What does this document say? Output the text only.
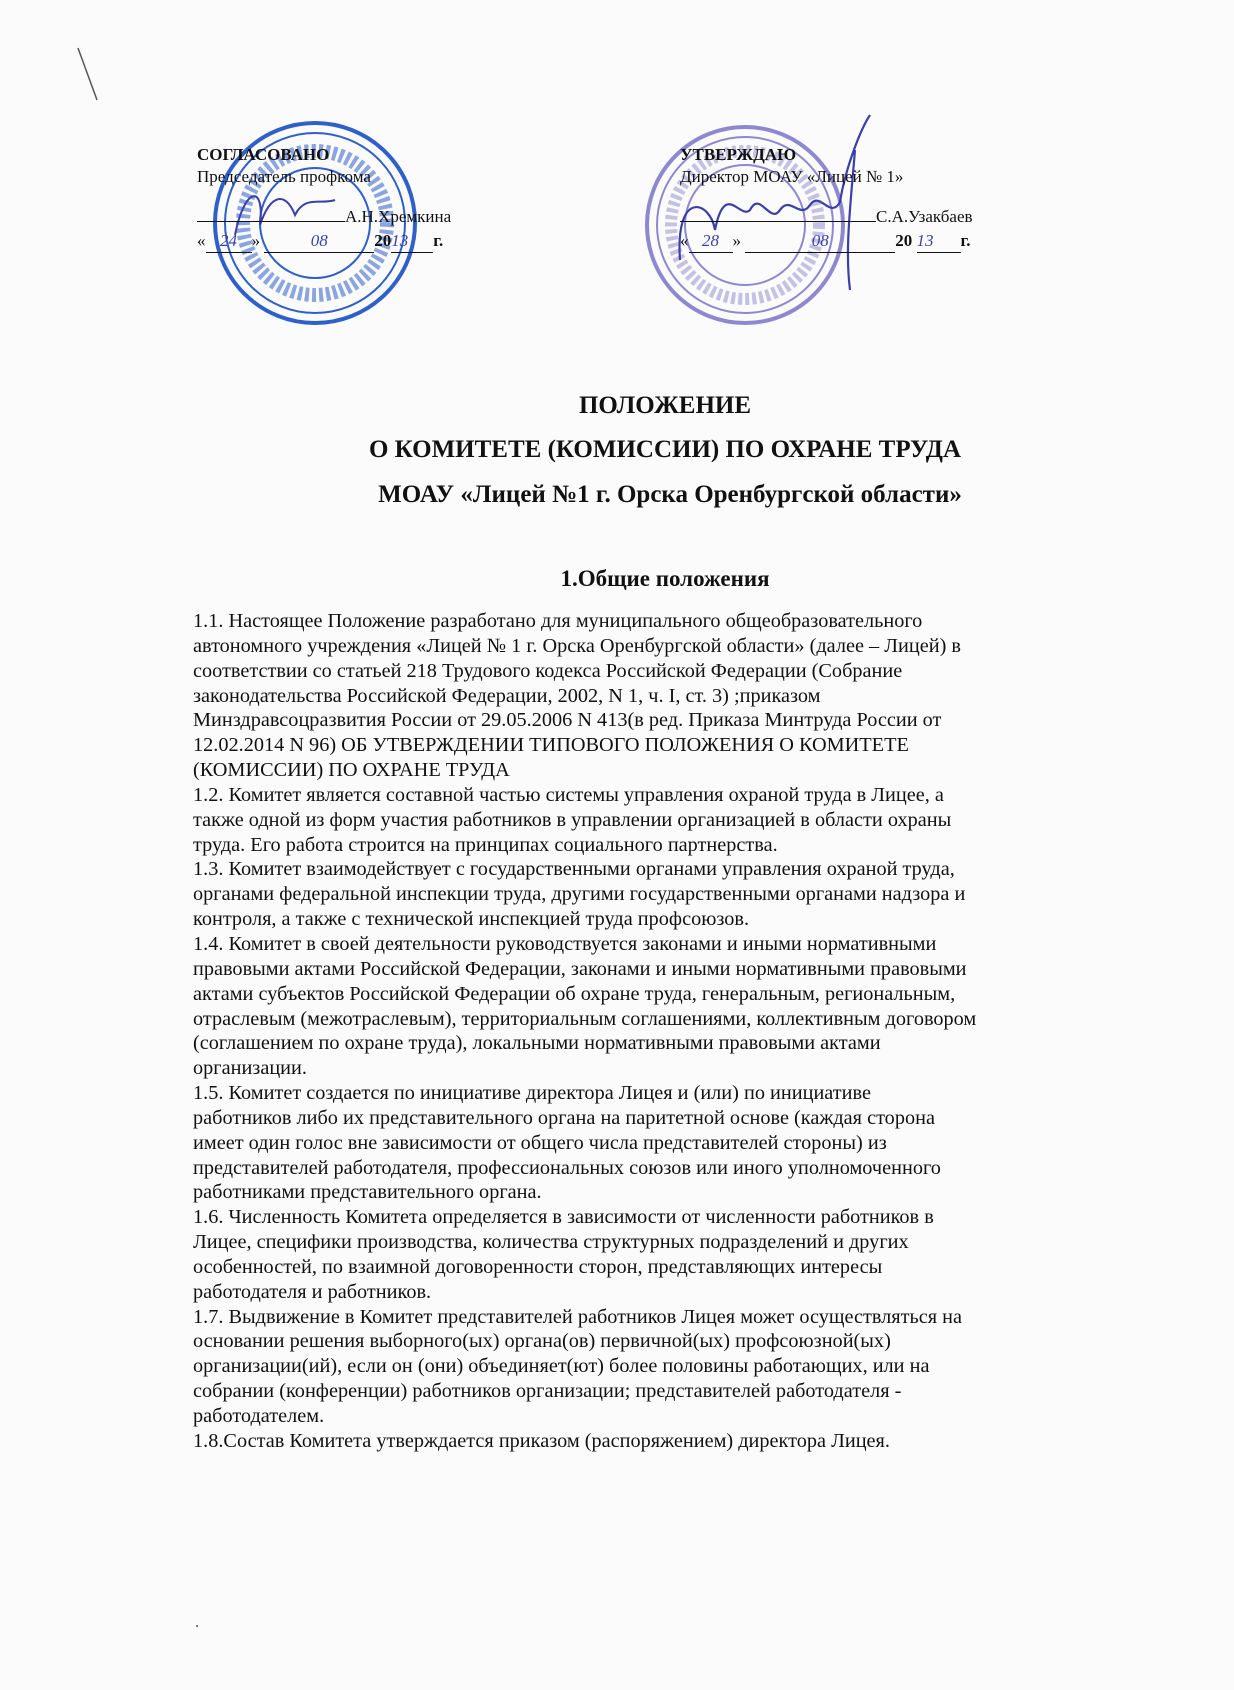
СОГЛАСОВАНО
Председатель профкома
А.Н.Хремкина
« 24 »	08	2013 г.
УТВЕРЖДАЮ
Директор МОАУ «Лицей № 1»
С.А.Узакбаев
« 28 »	08	20 13 г.
ПОЛОЖЕНИЕ
О КОМИТЕТЕ (КОМИССИИ) ПО ОХРАНЕ ТРУДА
МОАУ «Лицей №1 г. Орска Оренбургской области»
1.Общие положения
1.1. Настоящее Положение разработано для муниципального общеобразовательного
автономного учреждения «Лицей № 1 г. Орска Оренбургской области» (далее – Лицей) в
соответствии со статьей 218 Трудового кодекса Российской Федерации (Собрание
законодательства Российской Федерации, 2002, N 1, ч. I, ст. 3) ;приказом
Минздравсоцразвития России от 29.05.2006 N 413(в ред. Приказа Минтруда России от
12.02.2014 N 96) ОБ УТВЕРЖДЕНИИ ТИПОВОГО ПОЛОЖЕНИЯ О КОМИТЕТЕ
(КОМИССИИ) ПО ОХРАНЕ ТРУДА
1.2. Комитет является составной частью системы управления охраной труда в Лицее, а
также одной из форм участия работников в управлении организацией в области охраны
труда. Его работа строится на принципах социального партнерства.
1.3. Комитет взаимодействует с государственными органами управления охраной труда,
органами федеральной инспекции труда, другими государственными органами надзора и
контроля, а также с технической инспекцией труда профсоюзов.
1.4. Комитет в своей деятельности руководствуется законами и иными нормативными
правовыми актами Российской Федерации, законами и иными нормативными правовыми
актами субъектов Российской Федерации об охране труда, генеральным, региональным,
отраслевым (межотраслевым), территориальным соглашениями, коллективным договором
(соглашением по охране труда), локальными нормативными правовыми актами
организации.
1.5. Комитет создается по инициативе директора Лицея и (или) по инициативе
работников либо их представительного органа на паритетной основе (каждая сторона
имеет один голос вне зависимости от общего числа представителей стороны) из
представителей работодателя, профессиональных союзов или иного уполномоченного
работниками представительного органа.
1.6. Численность Комитета определяется в зависимости от численности работников в
Лицее, специфики производства, количества структурных подразделений и других
особенностей, по взаимной договоренности сторон, представляющих интересы
работодателя и работников.
1.7. Выдвижение в Комитет представителей работников Лицея может осуществляться на
основании решения выборного(ых) органа(ов) первичной(ых) профсоюзной(ых)
организации(ий), если он (они) объединяет(ют) более половины работающих, или на
собрании (конференции) работников организации; представителей работодателя -
работодателем.
1.8.Состав Комитета утверждается приказом (распоряжением) директора Лицея.
